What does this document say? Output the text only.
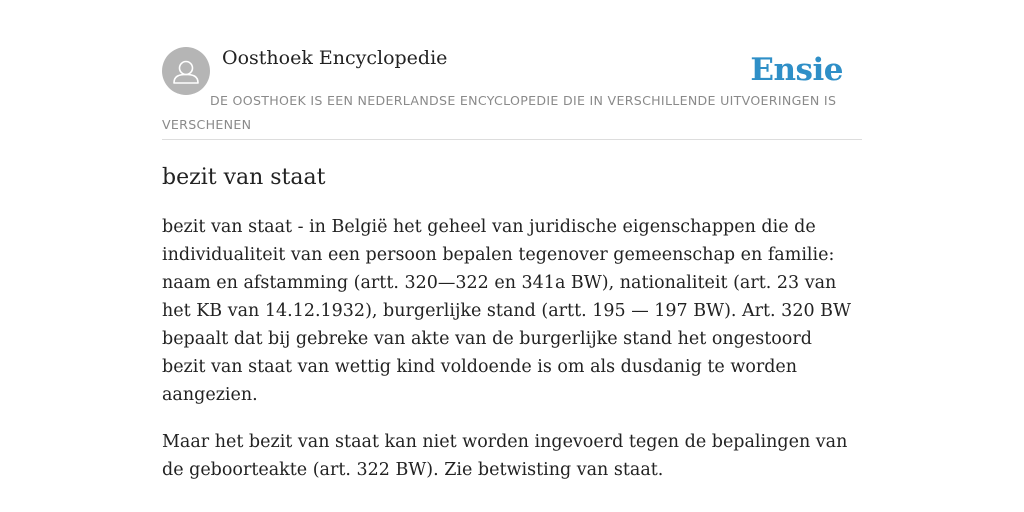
Oosthoek Encyclopedie	Ensie
DE OOSTHOEK IS EEN NEDERLANDSE ENCYCLOPEDIE DIE IN VERSCHILLENDE UITVOERINGEN IS VERSCHENEN
bezit van staat

bezit van staat - in België het geheel van juridische eigenschappen die de individualiteit van een persoon bepalen tegenover gemeenschap en familie: naam en afstamming (artt. 320—322 en 341a BW), nationaliteit (art. 23 van het KB van 14.12.1932), burgerlijke stand (artt. 195 — 197 BW). Art. 320 BW bepaalt dat bij gebreke van akte van de burgerlijke stand het ongestoord bezit van staat van wettig kind voldoende is om als dusdanig te worden aangezien.

Maar het bezit van staat kan niet worden ingevoerd tegen de bepalingen van de geboorteakte (art. 322 BW). Zie betwisting van staat.
